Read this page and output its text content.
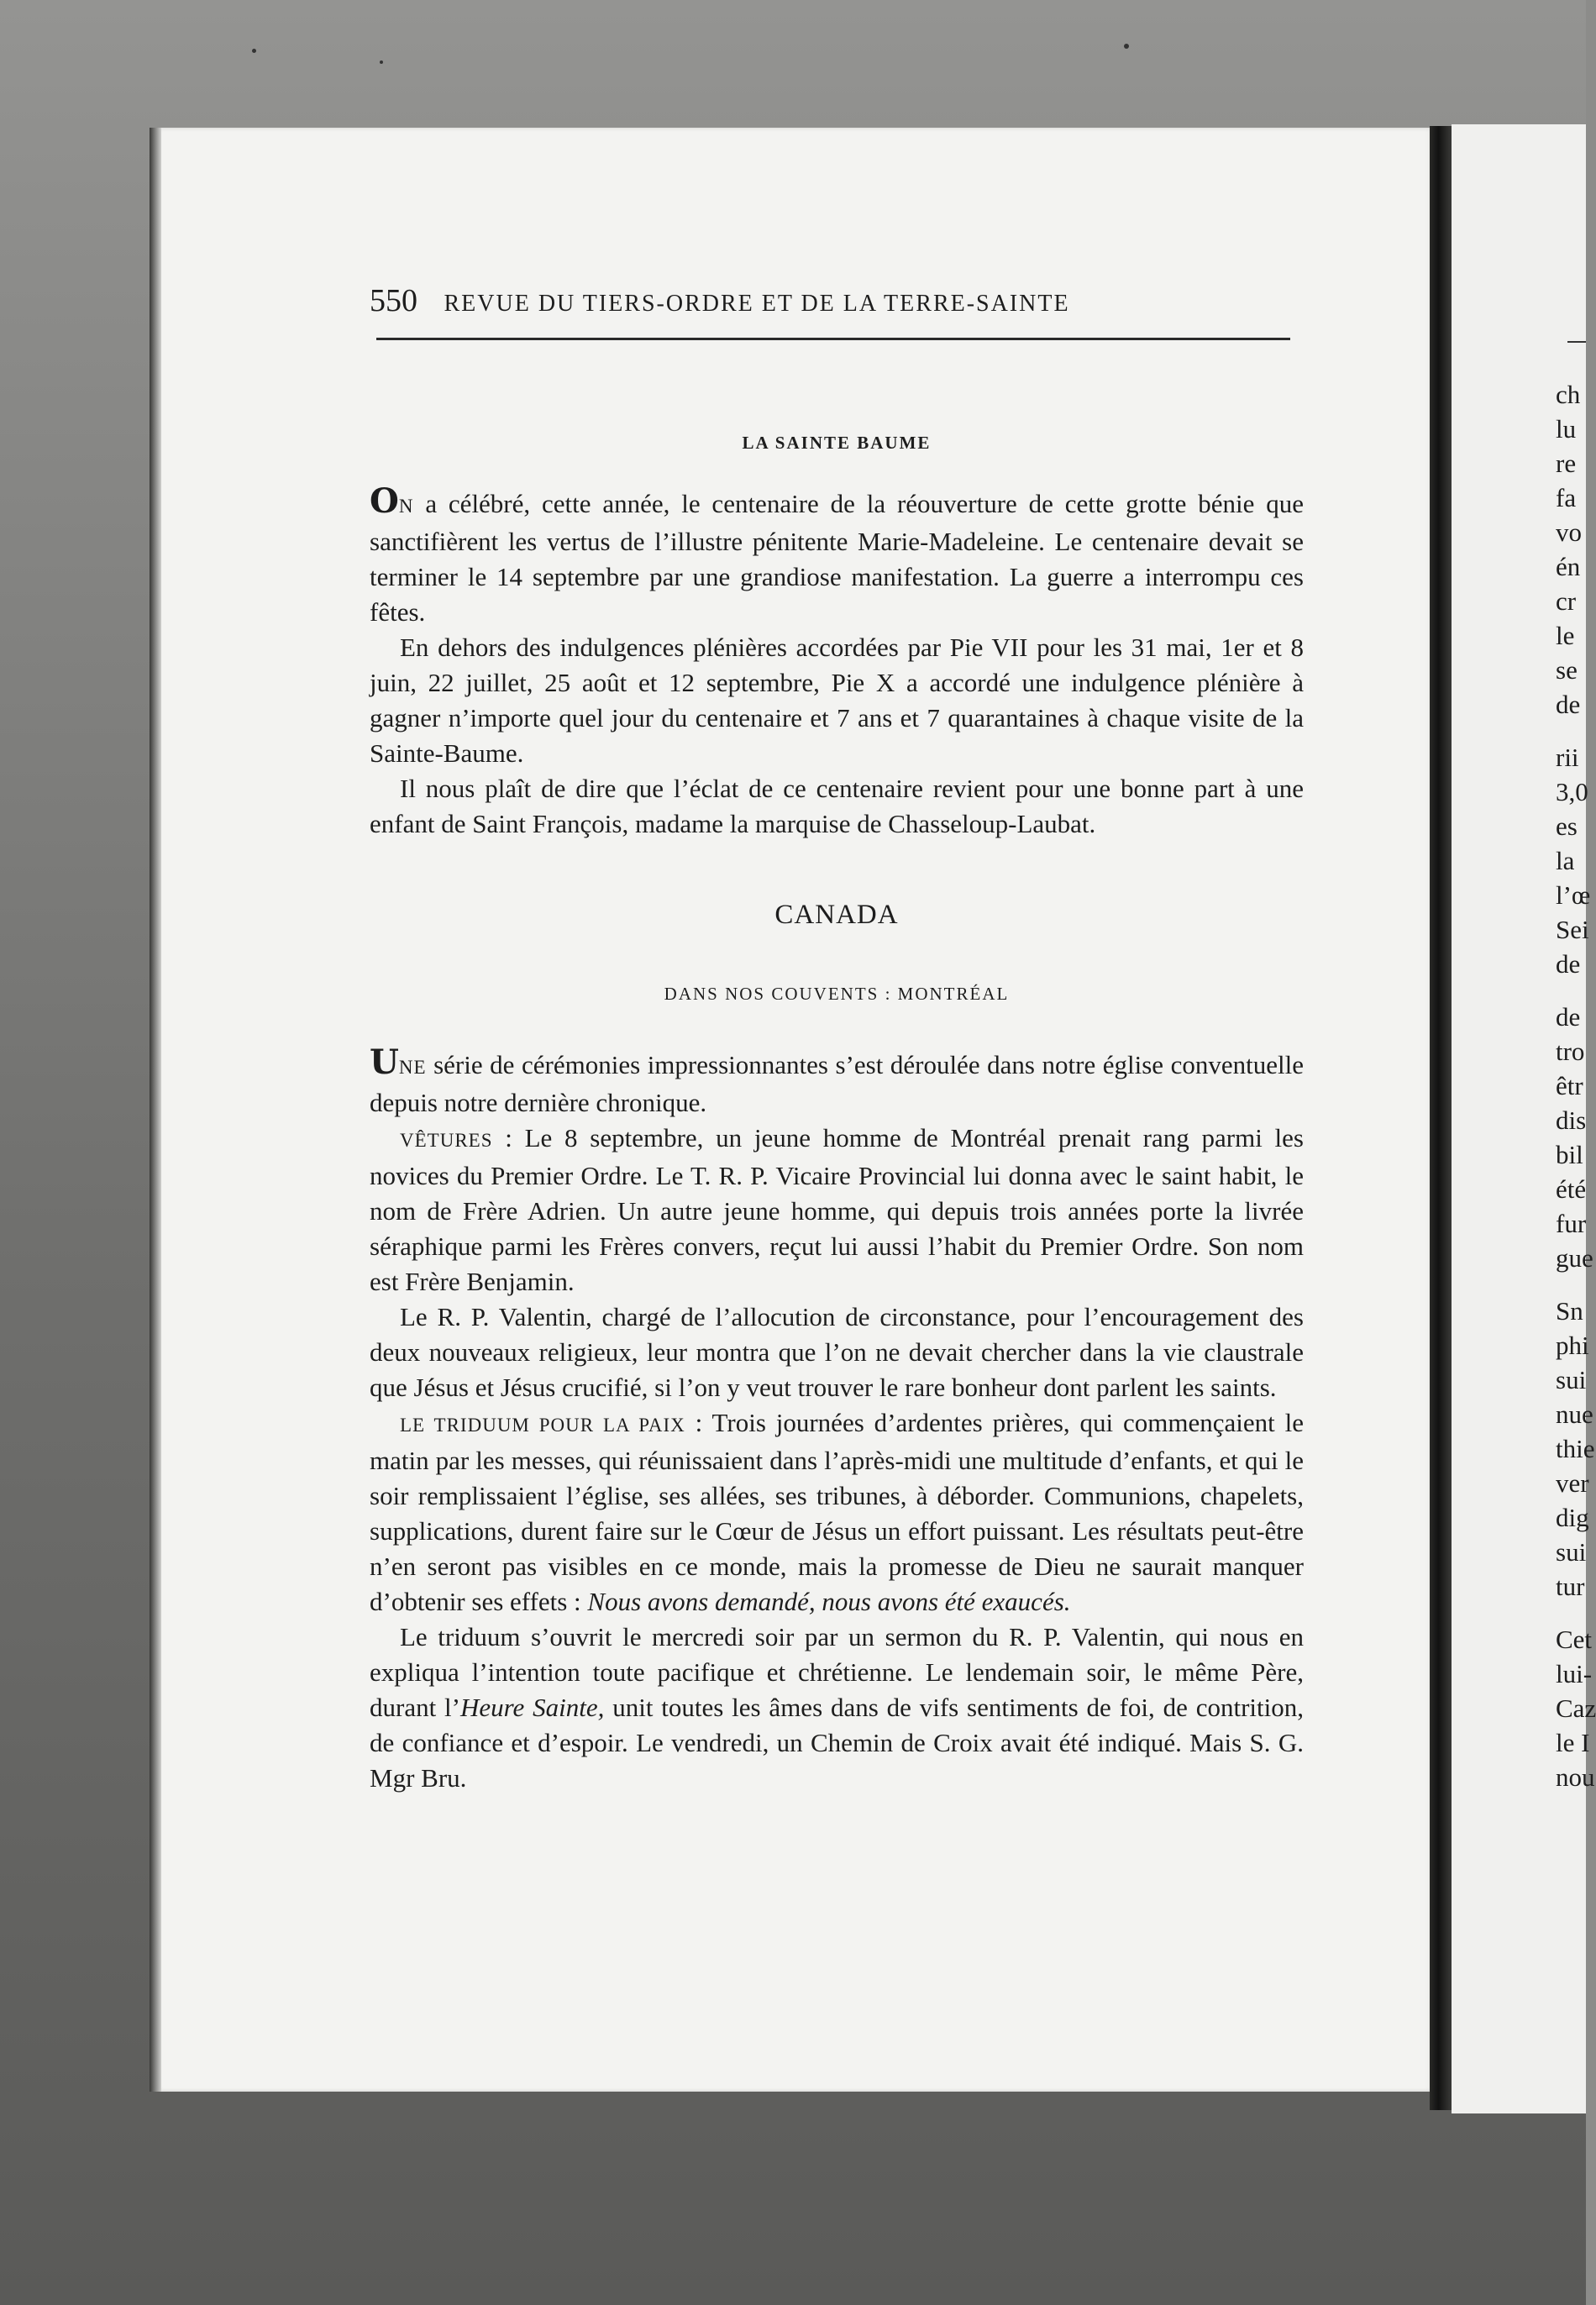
ch
lu
re
fa
vo
én
cr
le
se
de
rii
3,0
es
la
l’œ
Sei
de
de
tro
êtr
dis
bil
été
fur
gue
Sn
phi
sui
nue
thie
ver
dig
sui
tur
Cet
lui-
Caz
le I
nou
550 REVUE DU TIERS-ORDRE ET DE LA TERRE-SAINTE
LA SAINTE BAUME

ON a célébré, cette année, le centenaire de la réouverture de cette grotte bénie que sanctifièrent les vertus de l’illustre pénitente Marie-Madeleine. Le centenaire devait se terminer le 14 septembre par une grandiose manifestation. La guerre a interrompu ces fêtes.

En dehors des indulgences plénières accordées par Pie VII pour les 31 mai, 1er et 8 juin, 22 juillet, 25 août et 12 septembre, Pie X a accordé une indulgence plénière à gagner n’importe quel jour du centenaire et 7 ans et 7 quarantaines à chaque visite de la Sainte-Baume.

Il nous plaît de dire que l’éclat de ce centenaire revient pour une bonne part à une enfant de Saint François, madame la marquise de Chasseloup-Laubat.

CANADA
DANS NOS COUVENTS : MONTRÉAL

UNE série de cérémonies impressionnantes s’est déroulée dans notre église conventuelle depuis notre dernière chronique.

VÊTURES : Le 8 septembre, un jeune homme de Montréal prenait rang parmi les novices du Premier Ordre. Le T. R. P. Vicaire Provincial lui donna avec le saint habit, le nom de Frère Adrien. Un autre jeune homme, qui depuis trois années porte la livrée séraphique parmi les Frères convers, reçut lui aussi l’habit du Premier Ordre. Son nom est Frère Benjamin.

Le R. P. Valentin, chargé de l’allocution de circonstance, pour l’encouragement des deux nouveaux religieux, leur montra que l’on ne devait chercher dans la vie claustrale que Jésus et Jésus crucifié, si l’on y veut trouver le rare bonheur dont parlent les saints.

LE TRIDUUM POUR LA PAIX : Trois journées d’ardentes prières, qui commençaient le matin par les messes, qui réunissaient dans l’après-midi une multitude d’enfants, et qui le soir remplissaient l’église, ses allées, ses tribunes, à déborder. Communions, chapelets, supplications, durent faire sur le Cœur de Jésus un effort puissant. Les résultats peut-être n’en seront pas visibles en ce monde, mais la promesse de Dieu ne saurait manquer d’obtenir ses effets : Nous avons demandé, nous avons été exaucés.

Le triduum s’ouvrit le mercredi soir par un sermon du R. P. Valentin, qui nous en expliqua l’intention toute pacifique et chrétienne. Le lendemain soir, le même Père, durant l’Heure Sainte, unit toutes les âmes dans de vifs sentiments de foi, de contrition, de confiance et d’espoir. Le vendredi, un Chemin de Croix avait été indiqué. Mais S. G. Mgr Bru.
